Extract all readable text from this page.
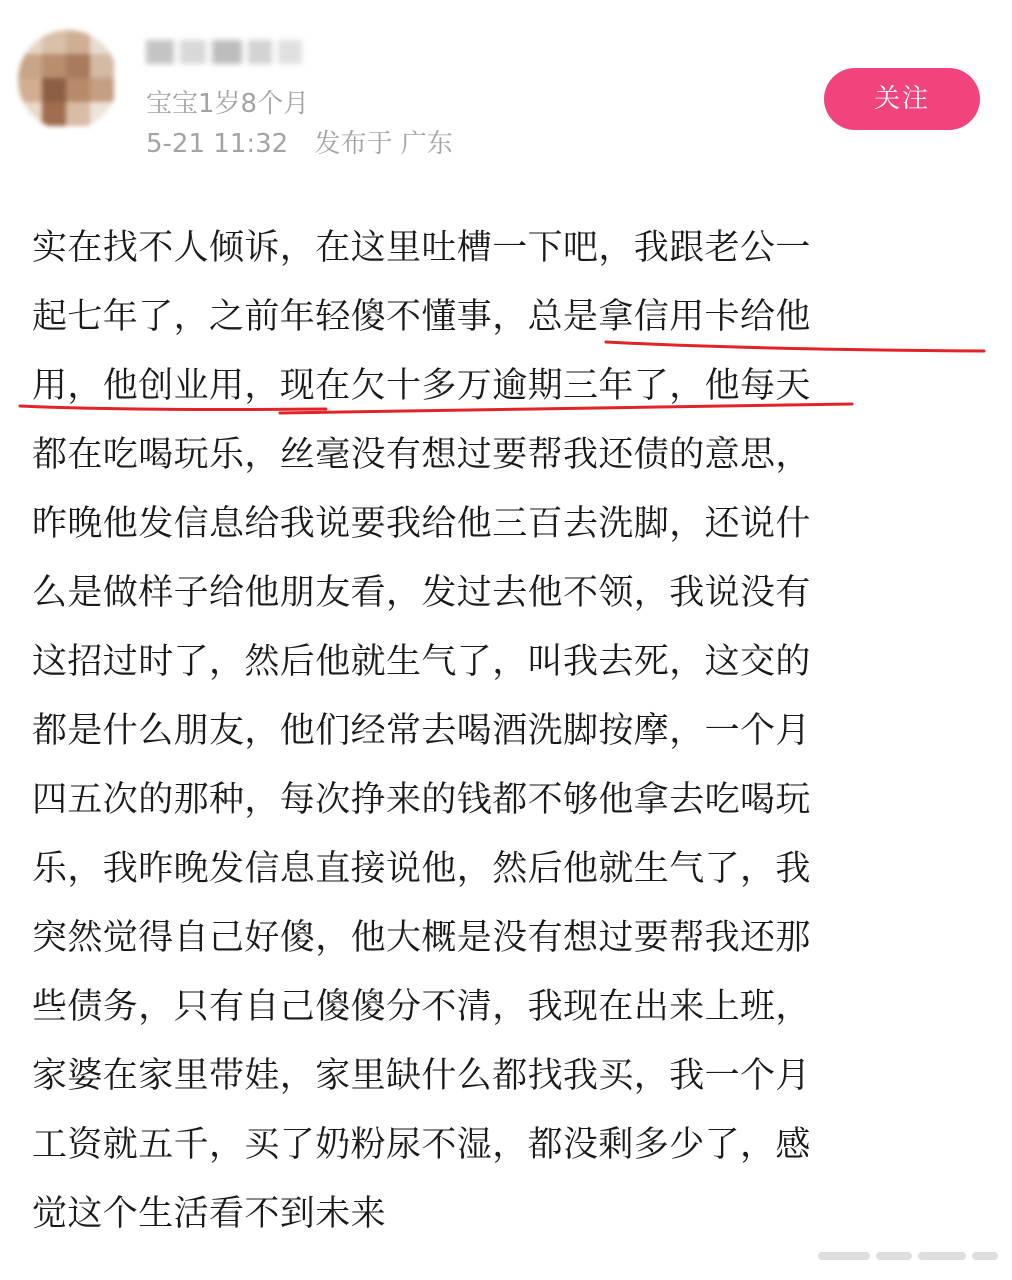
宝宝1岁8个月
5-21 11:32 发布于 广东
关注
实在找不人倾诉，在这里吐槽一下吧，我跟老公一
起七年了，之前年轻傻不懂事，总是拿信用卡给他
用，他创业用，现在欠十多万逾期三年了，他每天
都在吃喝玩乐，丝毫没有想过要帮我还债的意思，
昨晚他发信息给我说要我给他三百去洗脚，还说什
么是做样子给他朋友看，发过去他不领，我说没有
这招过时了，然后他就生气了，叫我去死，这交的
都是什么朋友，他们经常去喝酒洗脚按摩，一个月
四五次的那种，每次挣来的钱都不够他拿去吃喝玩
乐，我昨晚发信息直接说他，然后他就生气了，我
突然觉得自己好傻，他大概是没有想过要帮我还那
些债务，只有自己傻傻分不清，我现在出来上班，
家婆在家里带娃，家里缺什么都找我买，我一个月
工资就五千，买了奶粉尿不湿，都没剩多少了，感
觉这个生活看不到未来
